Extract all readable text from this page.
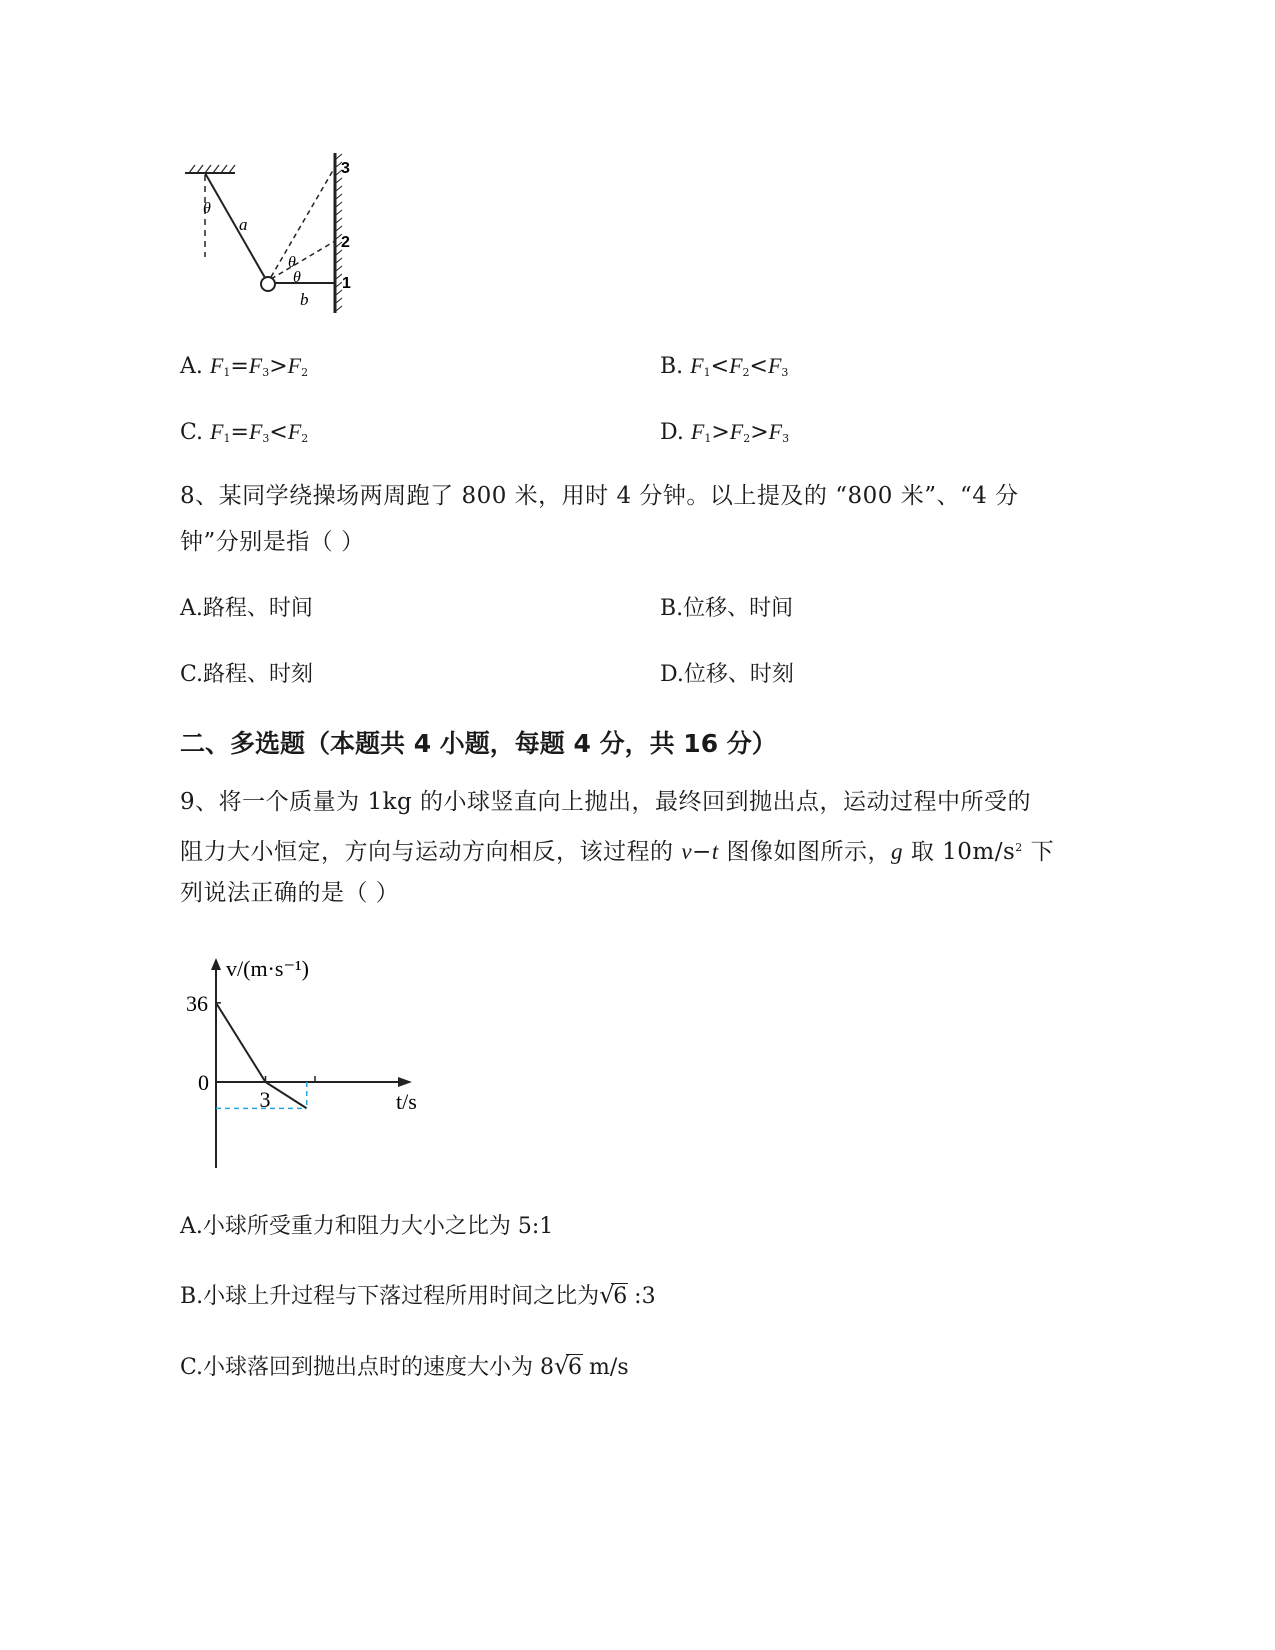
θ
a
θ
θ
b
3
2
1
A. $F_1=F_3>F_2$	B. $F_1<F_2<F_3$
C. $F_1=F_3<F_2$	D. $F_1>F_2>F_3$
8、某同学绕操场两周跑了 800 米，用时 4 分钟。以上提及的 “800 米”、“4 分
钟”分别是指（ ）
A.路程、时间	B.位移、时间
C.路程、时刻	D.位移、时刻
二、多选题（本题共 4 小题，每题 4 分，共 16 分）
9、将一个质量为 1kg 的小球竖直向上抛出，最终回到抛出点，运动过程中所受的
阻力大小恒定，方向与运动方向相反，该过程的 v−t 图像如图所示，g 取 $10m/s^2$ 下
列说法正确的是（ ）
v/(m·s⁻¹)
t/s
36
0
3
A.小球所受重力和阻力大小之比为 5:1
B.小球上升过程与下落过程所用时间之比为 √
6 :3
C.小球落回到抛出点时的速度大小为 8 √
6 m/s
